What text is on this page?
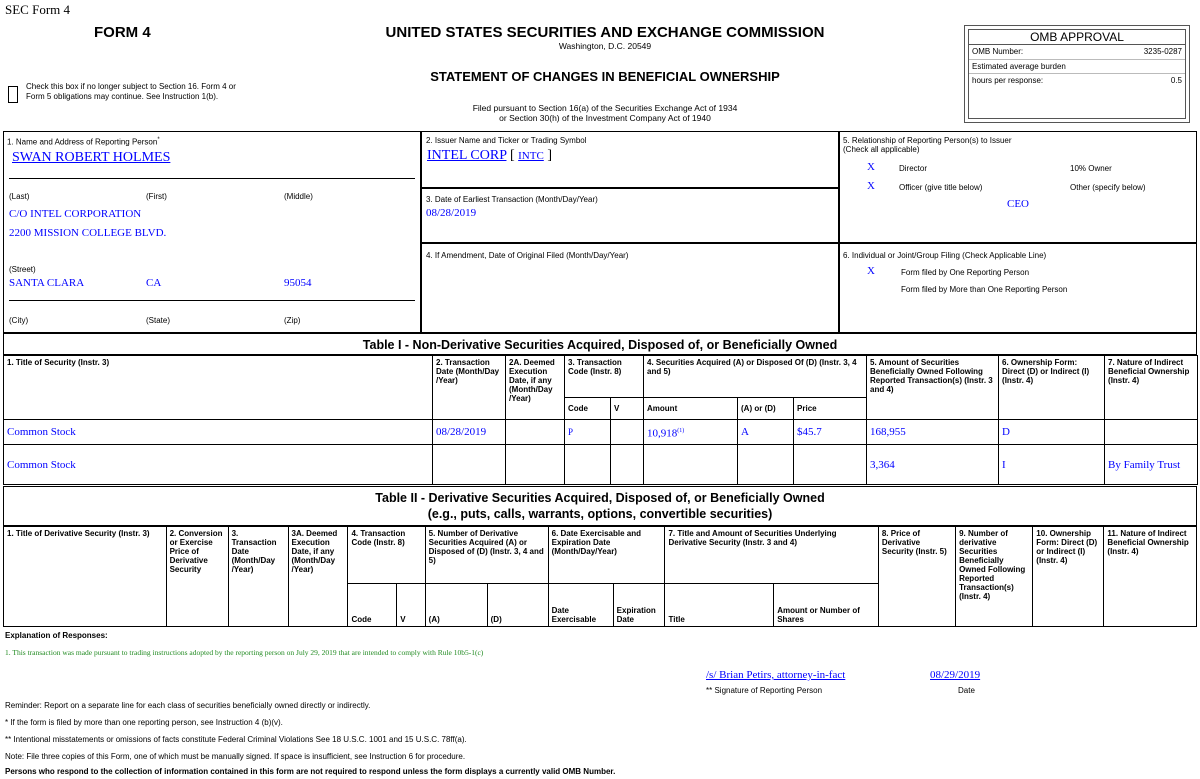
SEC Form 4
FORM 4	UNITED STATES SECURITIES AND EXCHANGE COMMISSION
Washington, D.C. 20549
STATEMENT OF CHANGES IN BENEFICIAL OWNERSHIP
Filed pursuant to Section 16(a) of the Securities Exchange Act of 1934
or Section 30(h) of the Investment Company Act of 1940
Check this box if no longer subject to Section 16. Form 4 or Form 5 obligations may continue. See Instruction 1(b).
OMB APPROVAL
OMB Number:	3235-0287
Estimated average burden
hours per response:	0.5
1. Name and Address of Reporting Person*
SWAN ROBERT HOLMES
(Last)	(First)	(Middle)
C/O INTEL CORPORATION
2200 MISSION COLLEGE BLVD.
(Street)
SANTA CLARA	CA	95054
(City)	(State)	(Zip)
2. Issuer Name and Ticker or Trading Symbol
INTEL CORP [ INTC ]
3. Date of Earliest Transaction (Month/Day/Year)
08/28/2019
4. If Amendment, Date of Original Filed (Month/Day/Year)
5. Relationship of Reporting Person(s) to Issuer
(Check all applicable)
X	Director	10% Owner
X	Officer (give title below)	Other (specify below)
CEO
6. Individual or Joint/Group Filing (Check Applicable Line)
X	Form filed by One Reporting Person
Form filed by More than One Reporting Person
Table I - Non-Derivative Securities Acquired, Disposed of, or Beneficially Owned
1. Title of Security (Instr. 3)	2. Transaction Date (Month/Day /Year)	2A. Deemed Execution Date, if any (Month/Day /Year)	3. Transaction Code (Instr. 8)		4. Securities Acquired (A) or Disposed Of (D) (Instr. 3, 4 and 5)			5. Amount of Securities Beneficially Owned Following Reported Transaction(s) (Instr. 3 and 4)	6. Ownership Form: Direct (D) or Indirect (I) (Instr. 4)	7. Nature of Indirect Beneficial Ownership (Instr. 4)
			Code	V	Amount	(A) or (D)	Price			
Common Stock	08/28/2019		P		10,918$^{(1)}$	A	$45.7	168,955	D	
Common Stock								3,364	I	By Family Trust
Table II - Derivative Securities Acquired, Disposed of, or Beneficially Owned
(e.g., puts, calls, warrants, options, convertible securities)
1. Title of Derivative Security (Instr. 3)	2. Conversion or Exercise Price of Derivative Security	3. Transaction Date (Month/Day /Year)	3A. Deemed Execution Date, if any (Month/Day /Year)	4. Transaction Code (Instr. 8)		5. Number of Derivative Securities Acquired (A) or Disposed of (D) (Instr. 3, 4 and 5)		6. Date Exercisable and Expiration Date (Month/Day/Year)		7. Title and Amount of Securities Underlying Derivative Security (Instr. 3 and 4)		8. Price of Derivative Security (Instr. 5)	9. Number of derivative Securities Beneficially Owned Following Reported Transaction(s) (Instr. 4)	10. Ownership Form: Direct (D) or Indirect (I) (Instr. 4)	11. Nature of Indirect Beneficial Ownership (Instr. 4)
				Code	V	(A)	(D)	Date Exercisable	Expiration Date	Title	Amount or Number of Shares				
Explanation of Responses:
1. This transaction was made pursuant to trading instructions adopted by the reporting person on July 29, 2019 that are intended to comply with Rule 10b5-1(c)
/s/ Brian Petirs, attorney-in-fact	08/29/2019
** Signature of Reporting Person	Date
Reminder: Report on a separate line for each class of securities beneficially owned directly or indirectly.
* If the form is filed by more than one reporting person, see Instruction 4 (b)(v).
** Intentional misstatements or omissions of facts constitute Federal Criminal Violations See 18 U.S.C. 1001 and 15 U.S.C. 78ff(a).
Note: File three copies of this Form, one of which must be manually signed. If space is insufficient, see Instruction 6 for procedure.
Persons who respond to the collection of information contained in this form are not required to respond unless the form displays a currently valid OMB Number.
